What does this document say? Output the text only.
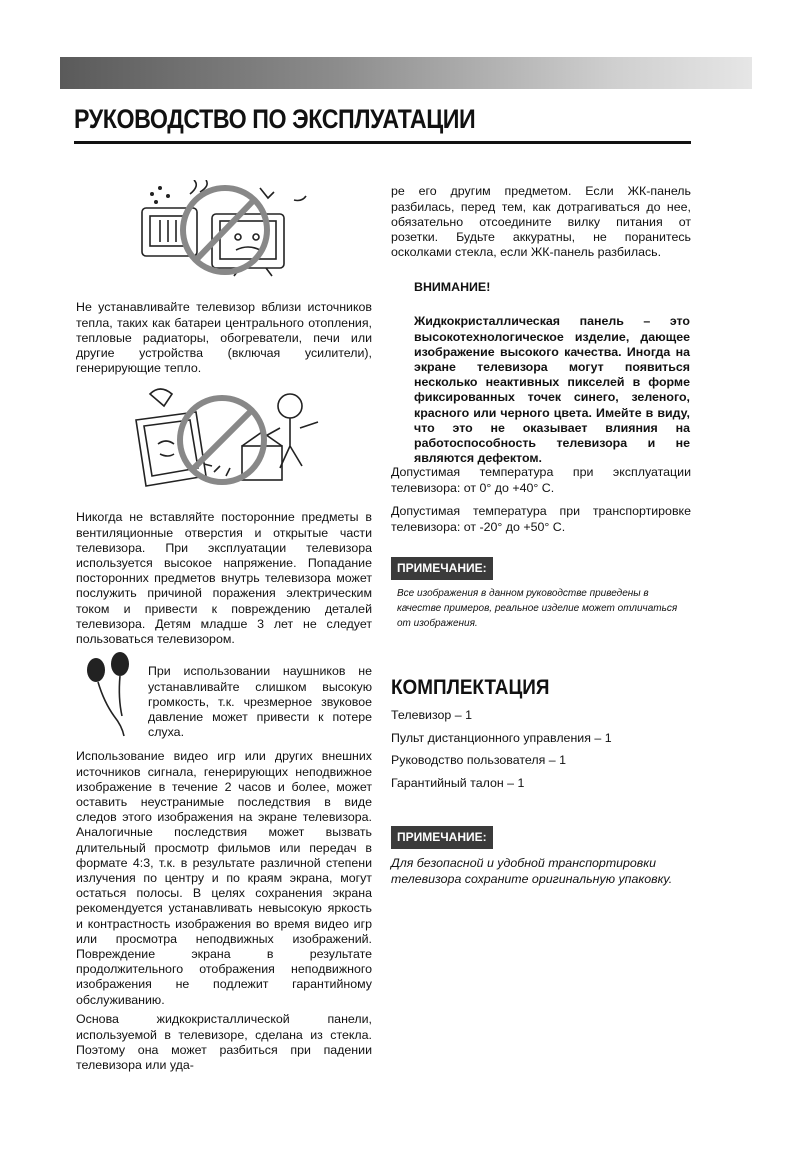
РУКОВОДСТВО ПО ЭКСПЛУАТАЦИИ

Не устанавливайте телевизор вблизи источников тепла, таких как батареи центрального отопления, тепловые радиаторы, обогреватели, печи или другие устройства (включая усилители), генерирующие тепло.

Никогда не вставляйте посторонние предметы в вентиляционные отверстия и открытые части телевизора. При эксплуатации телевизора используется высокое напряжение. Попадание посторонних предметов внутрь телевизора может послужить причиной поражения электрическим током и привести к повреждению деталей телевизора. Детям младше 3 лет не следует пользоваться телевизором.

При использовании наушников не устанавливайте слишком высокую громкость, т.к. чрезмерное звуковое давление может привести к потере слуха.

Использование видео игр или других внешних источников сигнала, генерирующих неподвижное изображение в течение 2 часов и более, может оставить неустранимые последствия в виде следов этого изображения на экране телевизора. Аналогичные последствия может вызвать длительный просмотр фильмов или передач в формате 4:3, т.к. в результате различной степени излучения по центру и по краям экрана, могут остаться полосы. В целях сохранения экрана рекомендуется устанавливать невысокую яркость и контрастность изображения во время видео игр или просмотра неподвижных изображений. Повреждение экрана в результате продолжительного отображения неподвижного изображения не подлежит гарантийному обслуживанию.

Основа жидкокристаллической панели, используемой в телевизоре, сделана из стекла. Поэтому она может разбиться при падении телевизора или уда-

ре его другим предметом. Если ЖК-панель разбилась, перед тем, как дотрагиваться до нее, обязательно отсоедините вилку питания от розетки. Будьте аккуратны, не поранитесь осколками стекла, если ЖК-панель разбилась.

ВНИМАНИЕ!

Жидкокристаллическая панель – это высокотехнологическое изделие, дающее изображение высокого качества. Иногда на экране телевизора могут появиться несколько неактивных пикселей в форме фиксированных точек синего, зеленого, красного или черного цвета. Имейте в виду, что это не оказывает влияния на работоспособность телевизора и не являются дефектом.

Допустимая температура при эксплуатации телевизора: от 0° до +40° С.

Допустимая температура при транспортировке телевизора: от -20° до +50° С.

ПРИМЕЧАНИЕ:

Все изображения в данном руководстве приведены в качестве примеров, реальное изделие может отличаться от изображения.

КОМПЛЕКТАЦИЯ
Телевизор – 1
Пульт дистанционного управления – 1
Руководство пользователя – 1
Гарантийный талон – 1
ПРИМЕЧАНИЕ:

Для безопасной и удобной транспортировки телевизора сохраните оригинальную упаковку.
